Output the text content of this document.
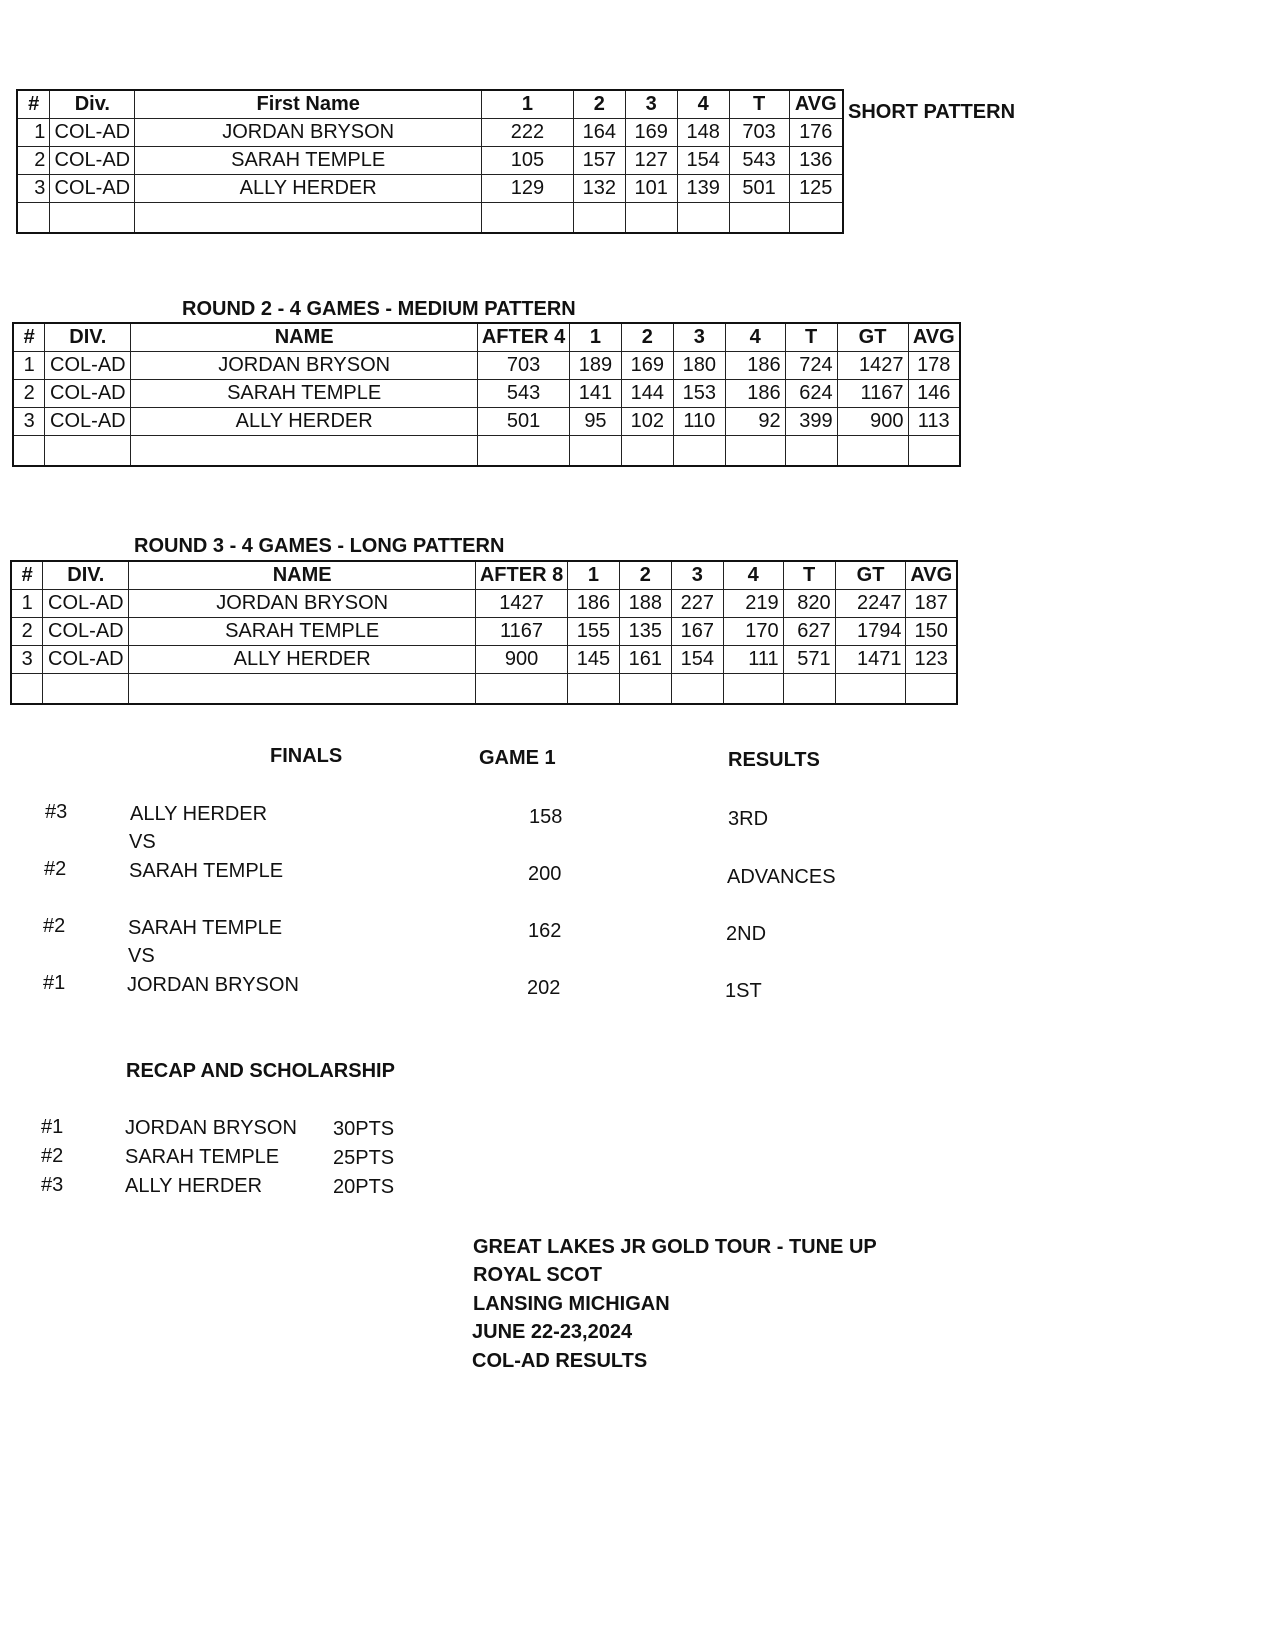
#	Div.	First Name	1	2	3	4	T	AVG
1	COL-AD	JORDAN BRYSON	222	164	169	148	703	176
2	COL-AD	SARAH TEMPLE	105	157	127	154	543	136
3	COL-AD	ALLY HERDER	129	132	101	139	501	125

SHORT PATTERN
ROUND 2 - 4 GAMES - MEDIUM PATTERN
#	DIV.	NAME	AFTER 4	1	2	3	4	T	GT	AVG
1	COL-AD	JORDAN BRYSON	703	189	169	180	186	724	1427	178
2	COL-AD	SARAH TEMPLE	543	141	144	153	186	624	1167	146
3	COL-AD	ALLY HERDER	501	95	102	110	92	399	900	113

ROUND 3 - 4 GAMES - LONG PATTERN
#	DIV.	NAME	AFTER 8	1	2	3	4	T	GT	AVG
1	COL-AD	JORDAN BRYSON	1427	186	188	227	219	820	2247	187
2	COL-AD	SARAH TEMPLE	1167	155	135	167	170	627	1794	150
3	COL-AD	ALLY HERDER	900	145	161	154	111	571	1471	123

FINALS	GAME 1	RESULTS
#3	ALLY HERDER	158	3RD
VS
#2	SARAH TEMPLE	200	ADVANCES
#2	SARAH TEMPLE	162	2ND
VS
#1	JORDAN BRYSON	202	1ST
RECAP AND SCHOLARSHIP
#1	JORDAN BRYSON 30PTS
#2	SARAH TEMPLE	25PTS
#3	ALLY HERDER	20PTS
GREAT LAKES JR GOLD TOUR - TUNE UP
ROYAL SCOT
LANSING MICHIGAN
JUNE 22-23,2024
COL-AD RESULTS
